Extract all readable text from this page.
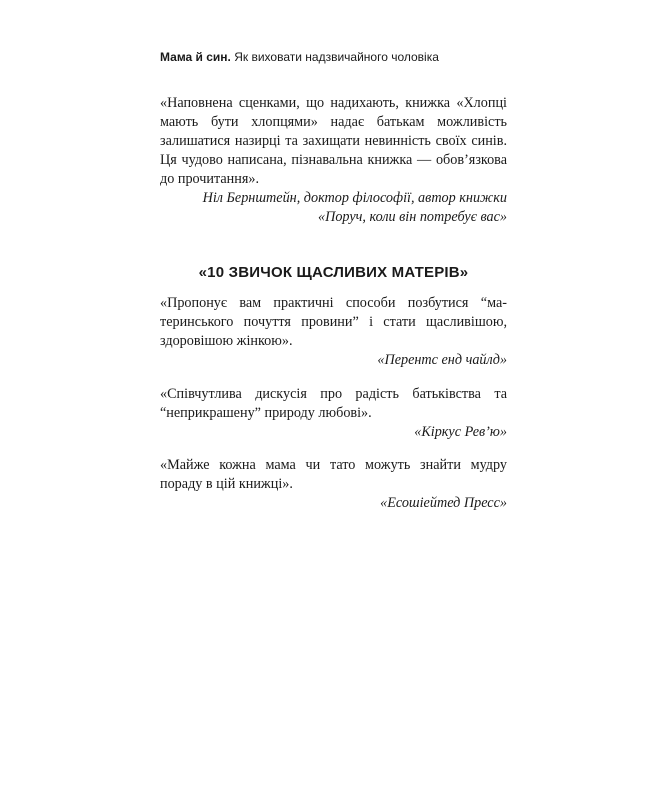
Мама й син. Як виховати надзвичайного чоловіка

«Наповнена сценками, що надихають, книжка «Хлопці мають бути хлопцями» надає батькам можливість залишатися назирці та захищати невинність своїх синів. Ця чудово написана, пізнавальна книжка — обов’язкова до прочитання».

Ніл Бернштейн, доктор філософії, автор книжки
«Поруч, коли він потребує вас»

«10 ЗВИЧОК ЩАСЛИВИХ МАТЕРІВ»

«Пропонує вам практичні способи позбутися “материнського почуття провини” і стати щасливішою, здоровішою жінкою».

«Перентс енд чайлд»

«Співчутлива дискусія про радість батьківства та “неприкрашену” природу любові».

«Кіркус Рев’ю»

«Майже кожна мама чи тато можуть знайти мудру пораду в цій книжці».

«Есошіейтед Пресс»
